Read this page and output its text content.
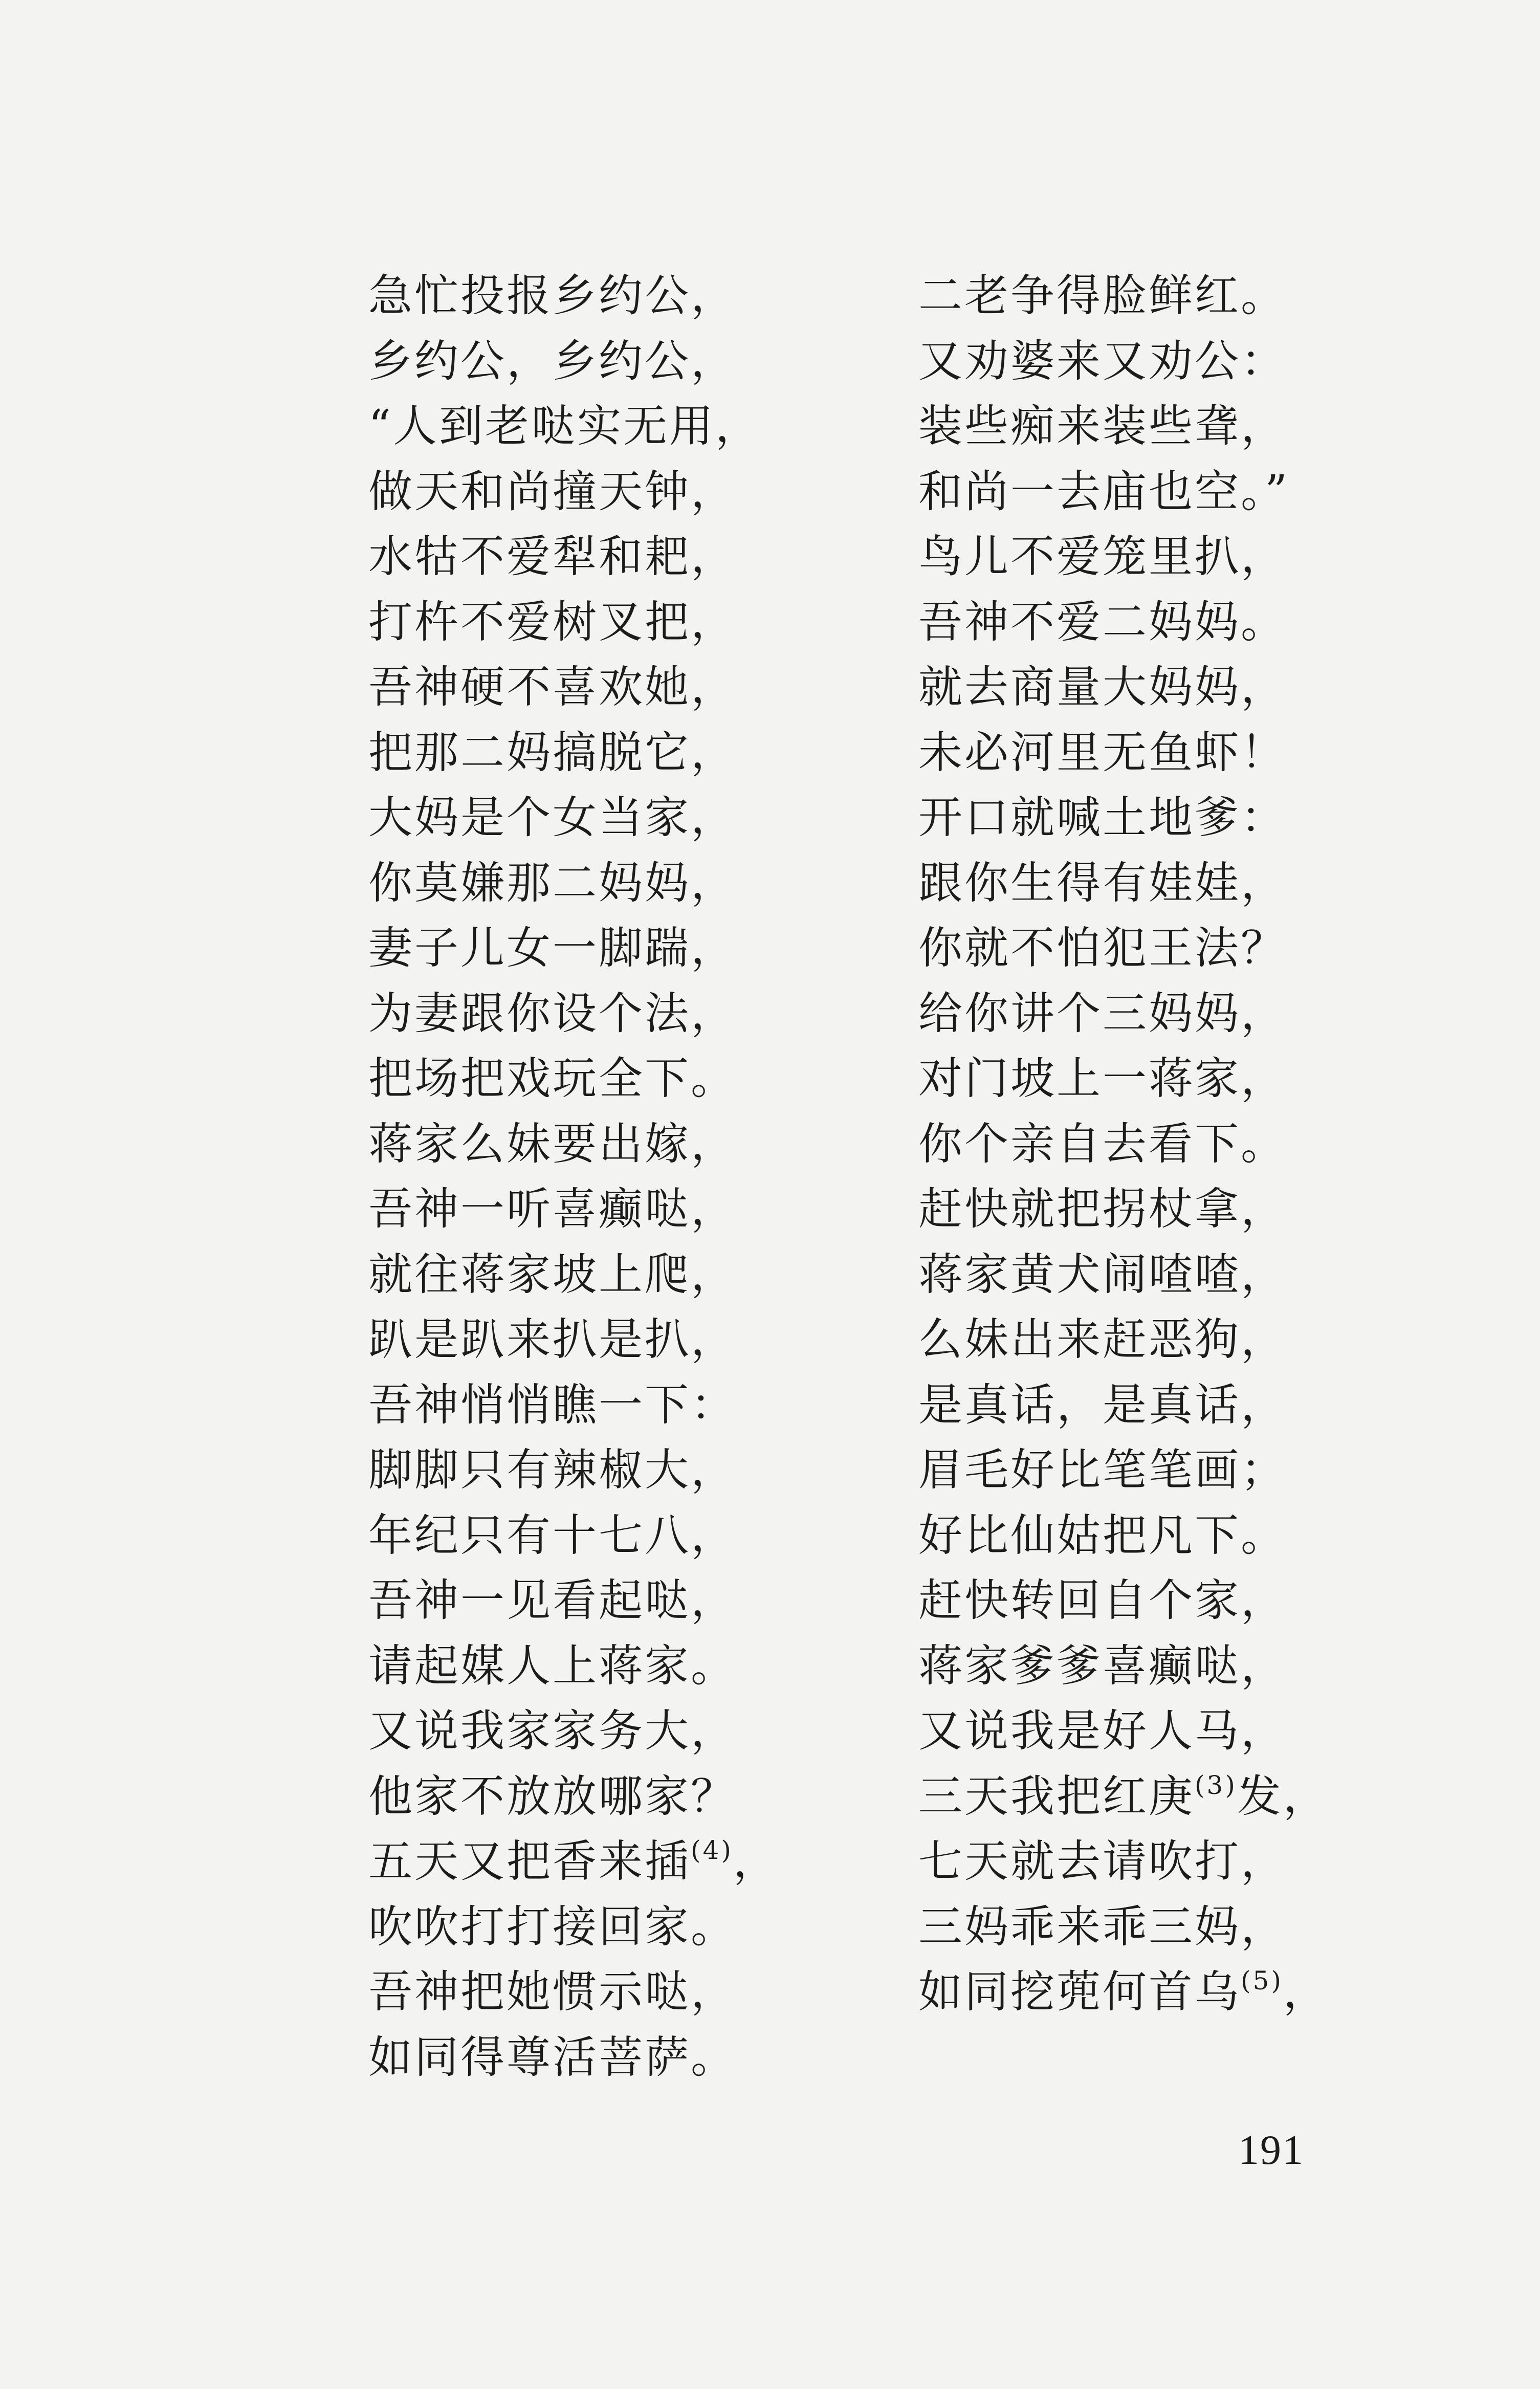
急忙投报乡约公，
乡约公，乡约公，
“人到老哒实无用，
做天和尚撞天钟，
水牯不爱犁和耙，
打杵不爱树叉把，
吾神硬不喜欢她，
把那二妈搞脱它，
大妈是个女当家，
你莫嫌那二妈妈，
妻子儿女一脚踹，
为妻跟你设个法，
把场把戏玩全下。
蒋家么妹要出嫁，
吾神一听喜癫哒，
就往蒋家坡上爬，
趴是趴来扒是扒，
吾神悄悄瞧一下：
脚脚只有辣椒大，
年纪只有十七八，
吾神一见看起哒，
请起媒人上蒋家。
又说我家家务大，
他家不放放哪家？
五天又把香来插$^{(4)}$，
吹吹打打接回家。
吾神把她惯示哒，
如同得尊活菩萨。
二老争得脸鲜红。
又劝婆来又劝公：
装些痴来装些聋，
和尚一去庙也空。”
鸟儿不爱笼里扒，
吾神不爱二妈妈。
就去商量大妈妈，
未必河里无鱼虾！
开口就喊土地爹：
跟你生得有娃娃，
你就不怕犯王法？
给你讲个三妈妈，
对门坡上一蒋家，
你个亲自去看下。
赶快就把拐杖拿，
蒋家黄犬闹喳喳，
么妹出来赶恶狗，
是真话，是真话，
眉毛好比笔笔画；
好比仙姑把凡下。
赶快转回自个家，
蒋家爹爹喜癫哒，
又说我是好人马，
三天我把红庚$^{(3)}$发，
七天就去请吹打，
三妈乖来乖三妈，
如同挖蔸何首乌$^{(5)}$，
191
